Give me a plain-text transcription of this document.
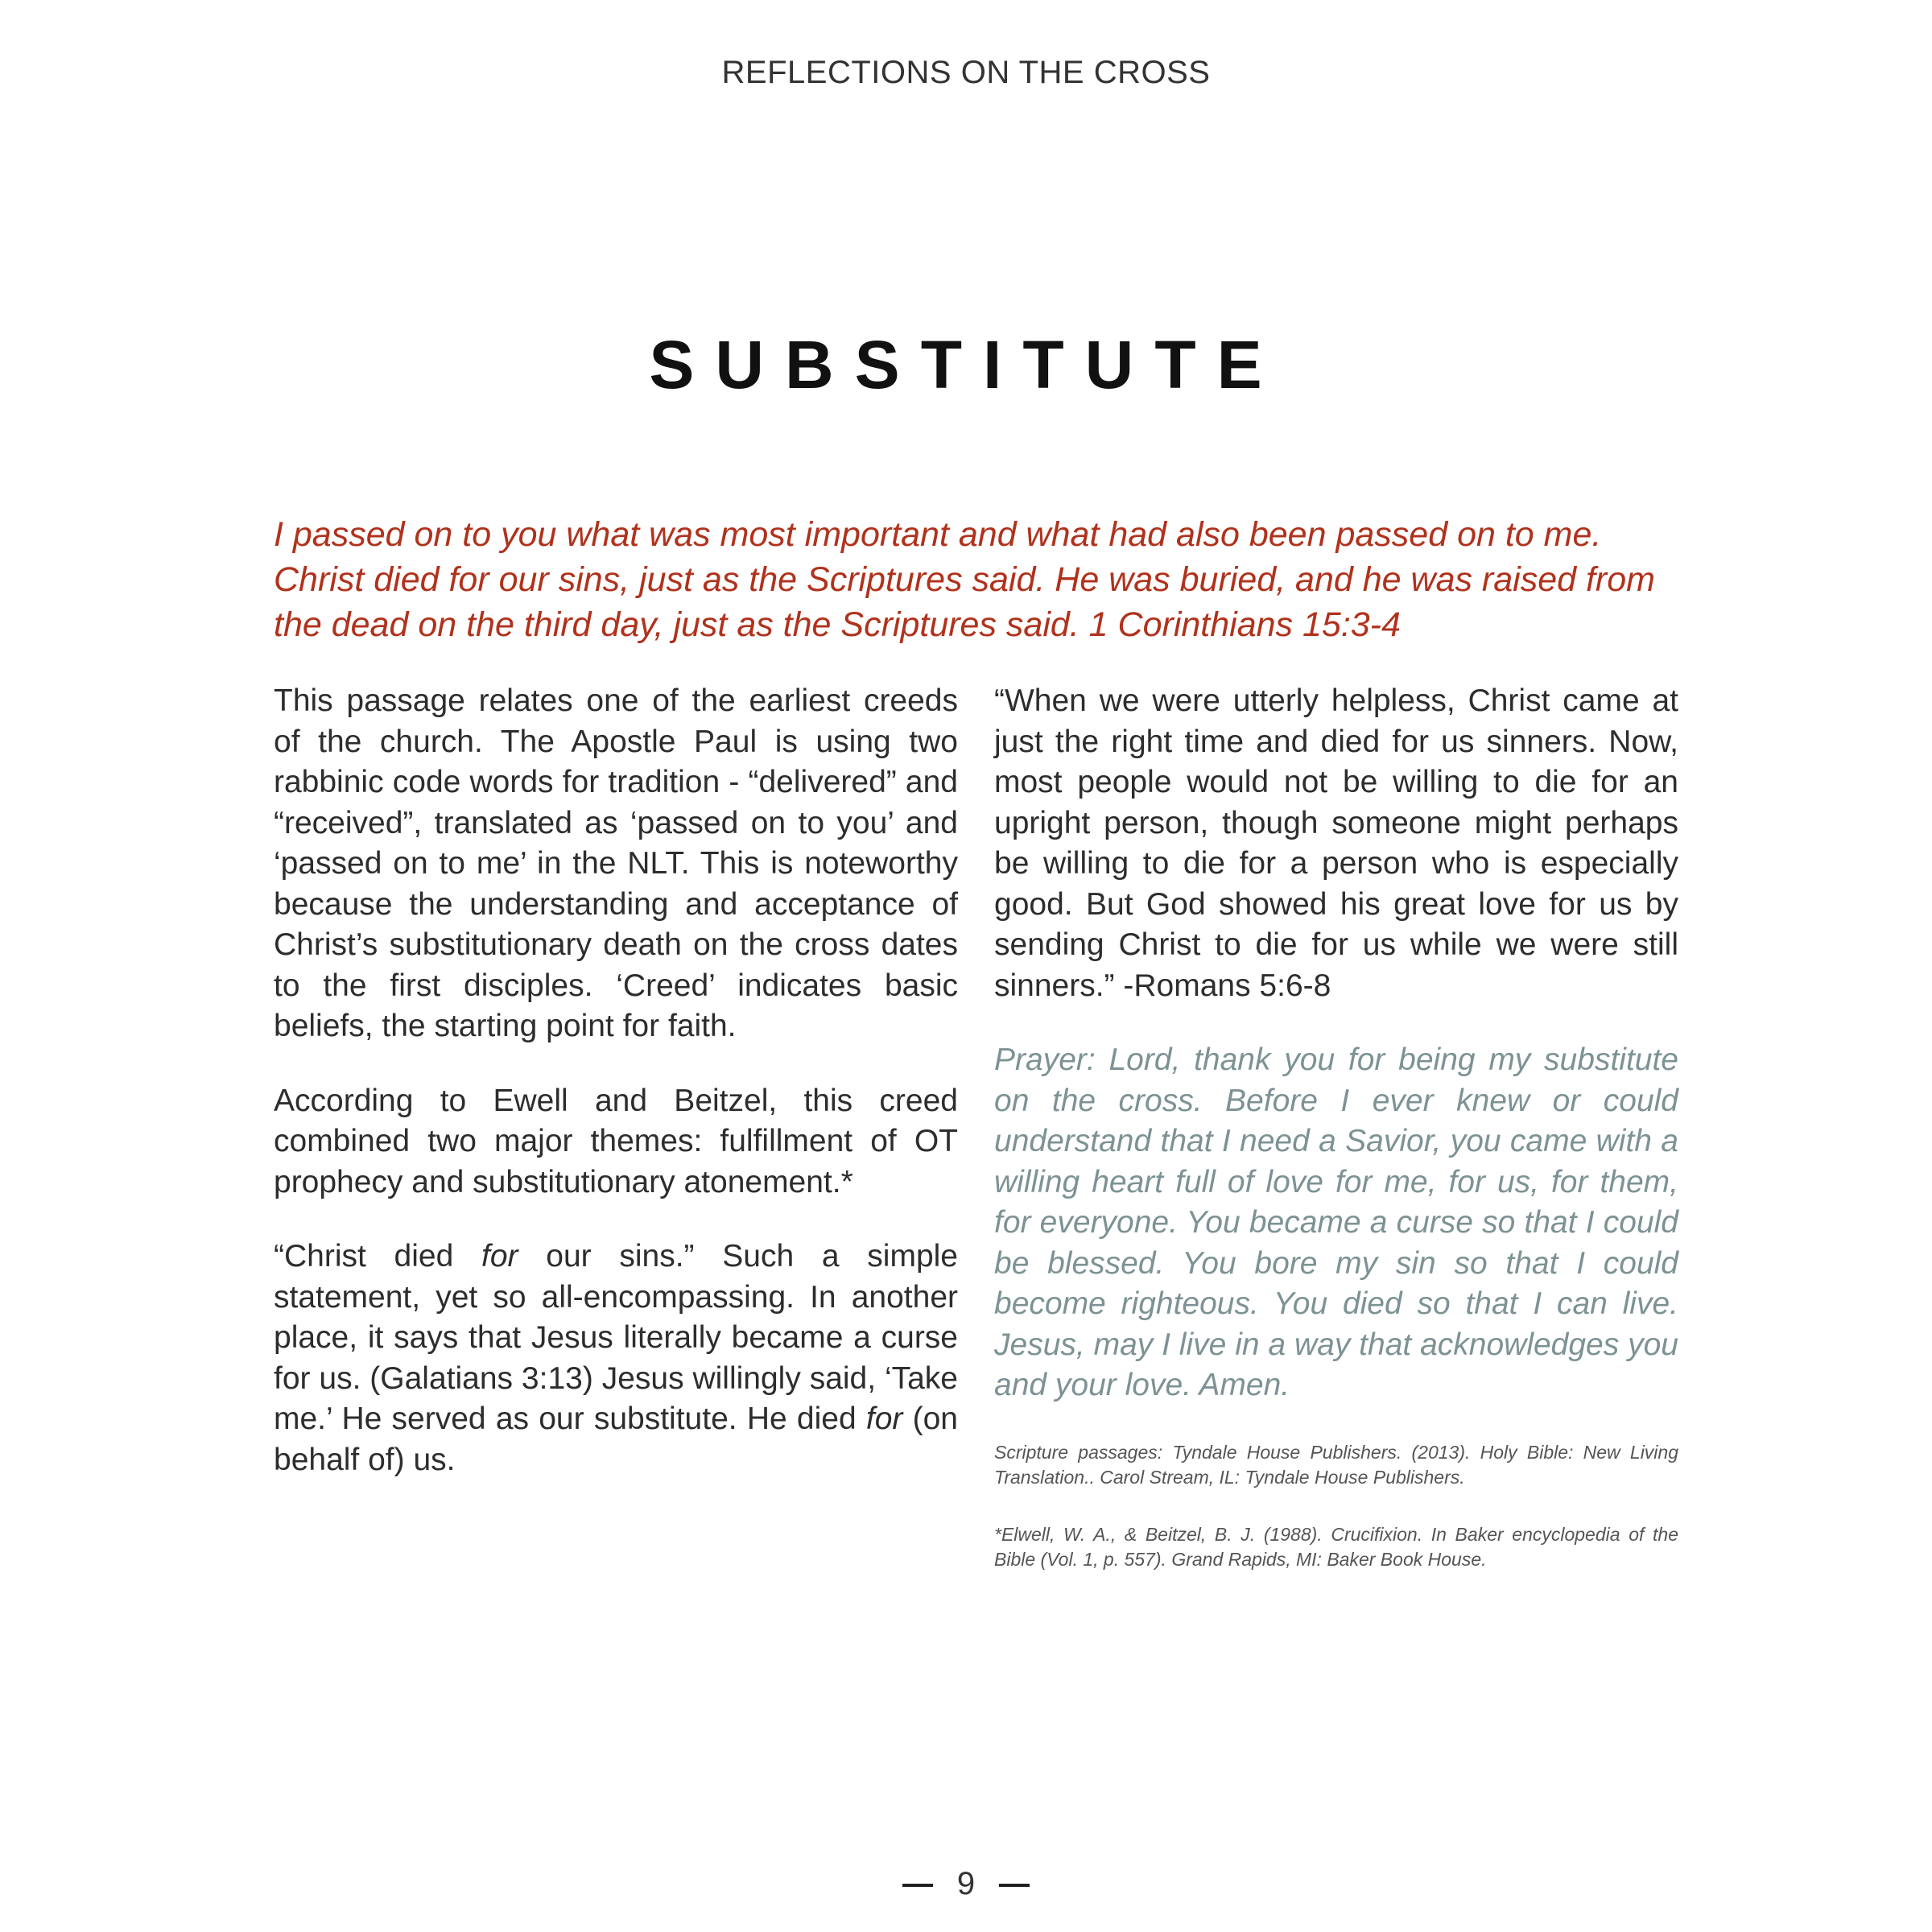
REFLECTIONS ON THE CROSS
SUBSTITUTE
I passed on to you what was most important and what had also been passed on to me. Christ died for our sins, just as the Scriptures said. He was buried, and he was raised from the dead on the third day, just as the Scriptures said. 1 Corinthians 15:3-4

This passage relates one of the earliest creeds of the church. The Apostle Paul is using two rabbinic code words for tradition - “delivered” and “received”, translated as ‘passed on to you’ and ‘passed on to me’ in the NLT. This is noteworthy because the understanding and acceptance of Christ’s substitutionary death on the cross dates to the first disciples. ‘Creed’ indicates basic beliefs, the starting point for faith.

According to Ewell and Beitzel, this creed combined two major themes: fulfillment of OT prophecy and substitutionary atonement.*

“Christ died for our sins.” Such a simple statement, yet so all-encompassing. In another place, it says that Jesus literally became a curse for us. (Galatians 3:13) Jesus willingly said, ‘Take me.’ He served as our substitute. He died for (on behalf of) us.

“When we were utterly helpless, Christ came at just the right time and died for us sinners. Now, most people would not be willing to die for an upright person, though someone might perhaps be willing to die for a person who is especially good. But God showed his great love for us by sending Christ to die for us while we were still sinners.” -Romans 5:6-8

Prayer: Lord, thank you for being my substitute on the cross. Before I ever knew or could understand that I need a Savior, you came with a willing heart full of love for me, for us, for them, for everyone. You became a curse so that I could be blessed. You bore my sin so that I could become righteous. You died so that I can live. Jesus, may I live in a way that acknowledges you and your love. Amen.

Scripture passages: Tyndale House Publishers. (2013). Holy Bible: New Living Translation.. Carol Stream, IL: Tyndale House Publishers.

*Elwell, W. A., & Beitzel, B. J. (1988). Crucifixion. In Baker encyclopedia of the Bible (Vol. 1, p. 557). Grand Rapids, MI: Baker Book House.

9
